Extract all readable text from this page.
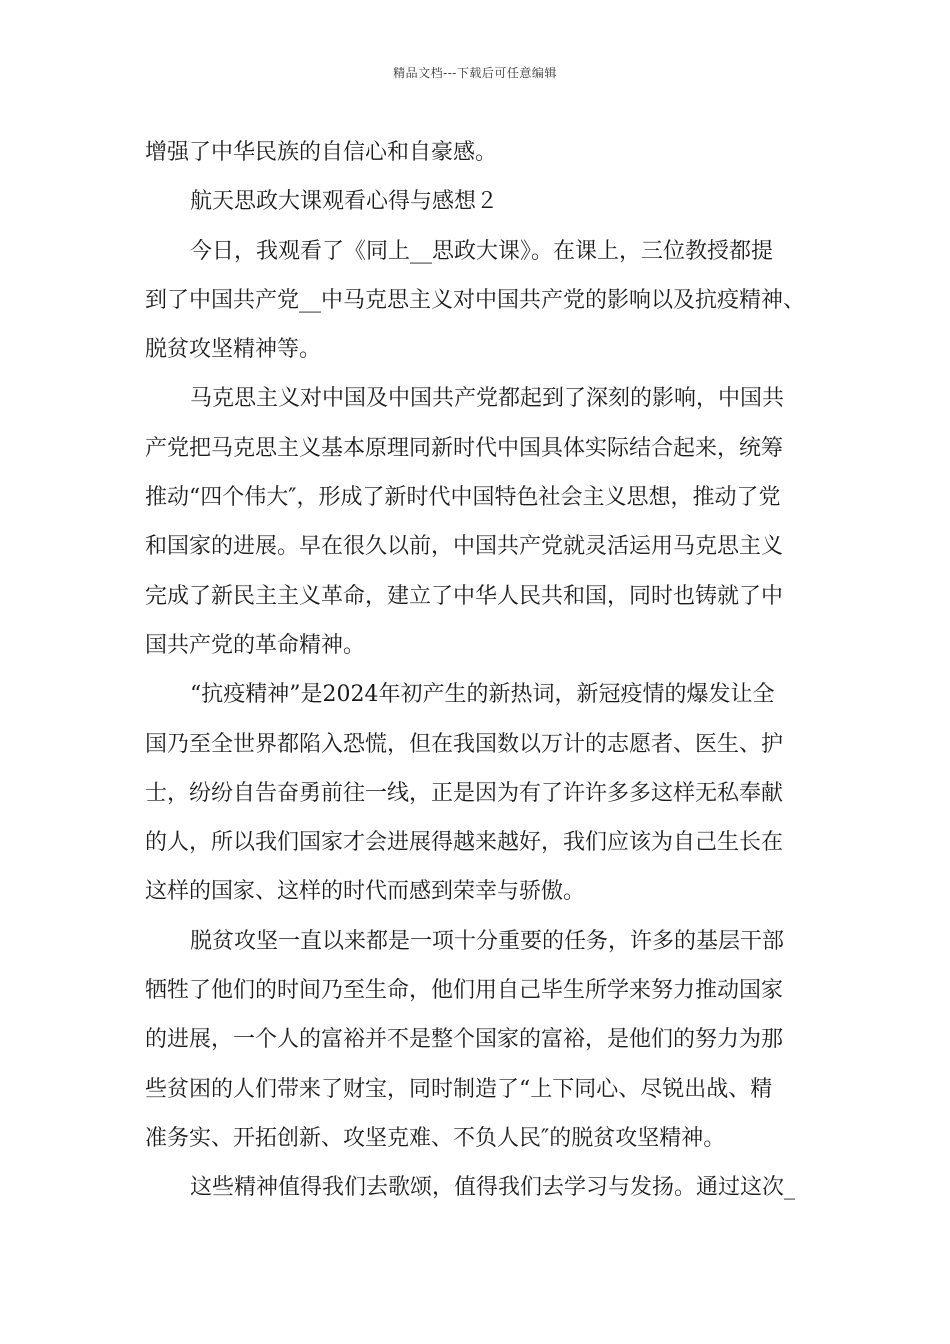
精品文档---下载后可任意编辑
增强了中华民族的自信心和自豪感。
航天思政大课观看心得与感想２
今日，我观看了《同上__思政大课》。在课上，三位教授都提
到了中国共产党__中马克思主义对中国共产党的影响以及抗疫精神、
脱贫攻坚精神等。
马克思主义对中国及中国共产党都起到了深刻的影响，中国共
产党把马克思主义基本原理同新时代中国具体实际结合起来，统筹
推动“四个伟大″，形成了新时代中国特色社会主义思想，推动了党
和国家的进展。早在很久以前，中国共产党就灵活运用马克思主义
完成了新民主主义革命，建立了中华人民共和国，同时也铸就了中
国共产党的革命精神。
“抗疫精神”是2024年初产生的新热词，新冠疫情的爆发让全
国乃至全世界都陷入恐慌，但在我国数以万计的志愿者、医生、护
士，纷纷自告奋勇前往一线，正是因为有了许许多多这样无私奉献
的人，所以我们国家才会进展得越来越好，我们应该为自己生长在
这样的国家、这样的时代而感到荣幸与骄傲。
脱贫攻坚一直以来都是一项十分重要的任务，许多的基层干部
牺牲了他们的时间乃至生命，他们用自己毕生所学来努力推动国家
的进展，一个人的富裕并不是整个国家的富裕，是他们的努力为那
些贫困的人们带来了财宝，同时制造了“上下同心、尽锐出战、精
准务实、开拓创新、攻坚克难、不负人民″的脱贫攻坚精神。
这些精神值得我们去歌颂，值得我们去学习与发扬。通过这次_
